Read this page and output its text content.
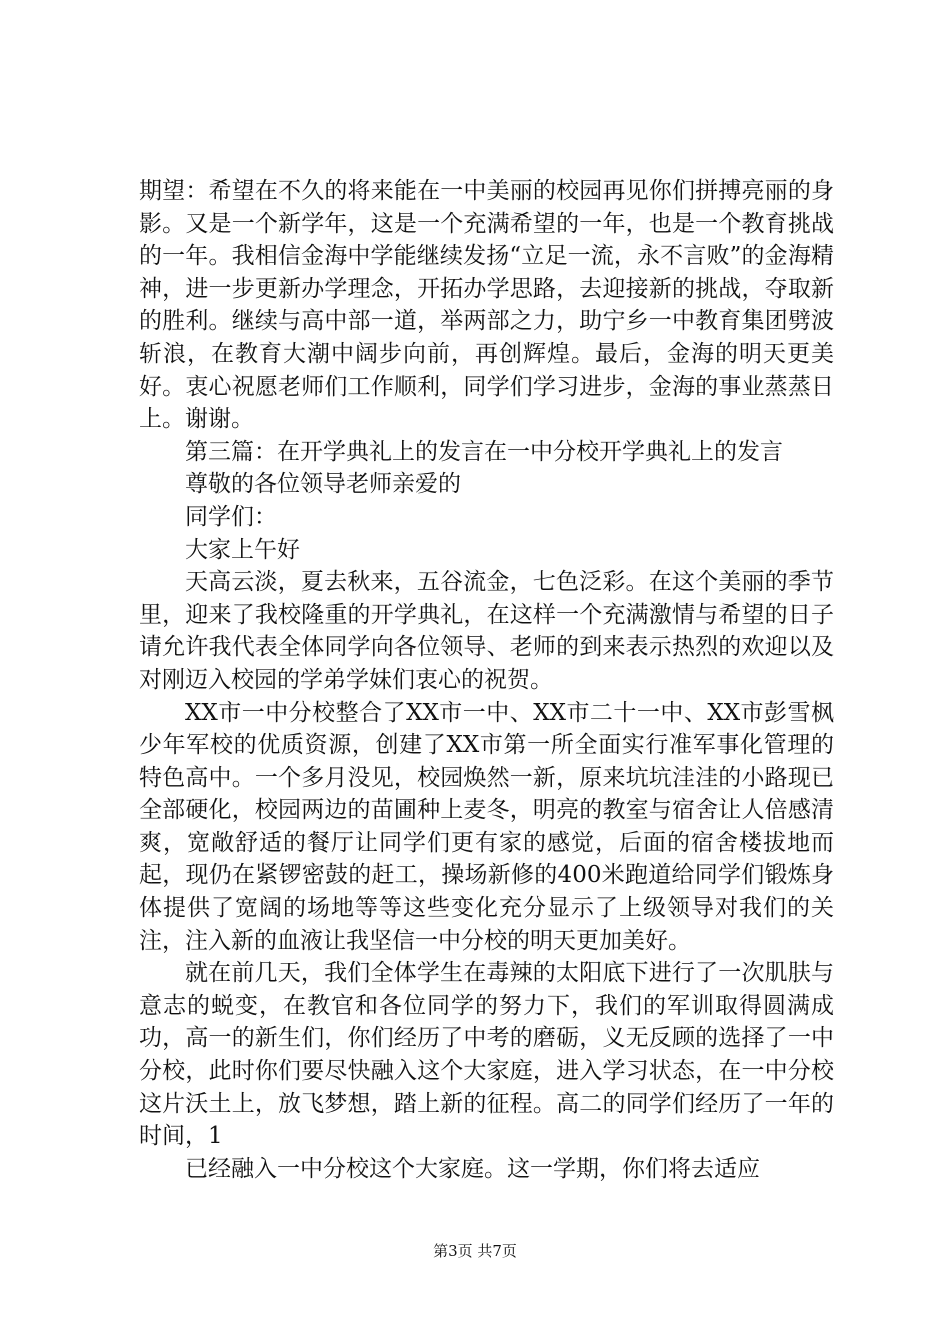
期望：希望在不久的将来能在一中美丽的校园再见你们拼搏亮丽的身影。又是一个新学年，这是一个充满希望的一年，也是一个教育挑战的一年。我相信金海中学能继续发扬“立足一流，永不言败”的金海精神，进一步更新办学理念，开拓办学思路，去迎接新的挑战，夺取新的胜利。继续与高中部一道，举两部之力，助宁乡一中教育集团劈波斩浪，在教育大潮中阔步向前，再创辉煌。最后，金海的明天更美好。衷心祝愿老师们工作顺利，同学们学习进步，金海的事业蒸蒸日上。谢谢。

第三篇：在开学典礼上的发言在一中分校开学典礼上的发言

尊敬的各位领导老师亲爱的

同学们：

大家上午好

天高云淡，夏去秋来，五谷流金，七色泛彩。在这个美丽的季节里，迎来了我校隆重的开学典礼，在这样一个充满激情与希望的日子请允许我代表全体同学向各位领导、老师的到来表示热烈的欢迎以及对刚迈入校园的学弟学妹们衷心的祝贺。

XX市一中分校整合了XX市一中、XX市二十一中、XX市彭雪枫少年军校的优质资源，创建了XX市第一所全面实行准军事化管理的特色高中。一个多月没见，校园焕然一新，原来坑坑洼洼的小路现已全部硬化，校园两边的苗圃种上麦冬，明亮的教室与宿舍让人倍感清爽，宽敞舒适的餐厅让同学们更有家的感觉，后面的宿舍楼拔地而起，现仍在紧锣密鼓的赶工，操场新修的400米跑道给同学们锻炼身体提供了宽阔的场地等等这些变化充分显示了上级领导对我们的关注，注入新的血液让我坚信一中分校的明天更加美好。

就在前几天，我们全体学生在毒辣的太阳底下进行了一次肌肤与意志的蜕变，在教官和各位同学的努力下，我们的军训取得圆满成功，高一的新生们，你们经历了中考的磨砺，义无反顾的选择了一中分校，此时你们要尽快融入这个大家庭，进入学习状态，在一中分校这片沃土上，放飞梦想，踏上新的征程。高二的同学们经历了一年的时间，1

已经融入一中分校这个大家庭。这一学期，你们将去适应

第3页 共7页
